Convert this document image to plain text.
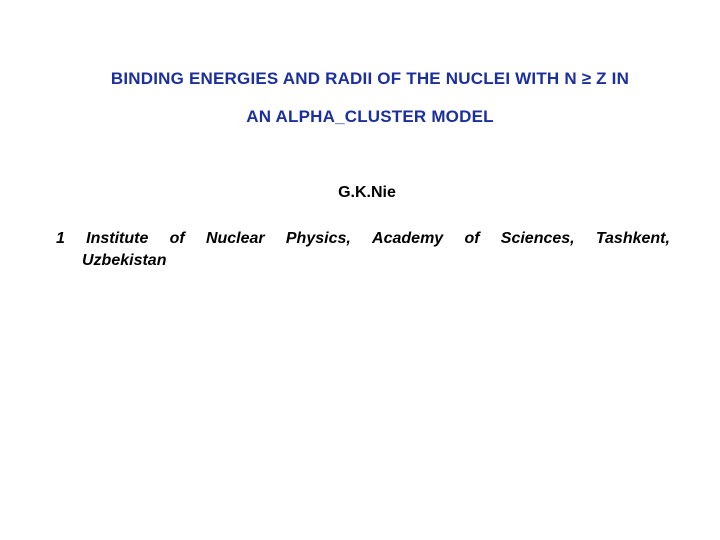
BINDING ENERGIES AND RADII OF THE NUCLEI WITH N ≥ Z IN
AN ALPHA_CLUSTER MODEL
G.K.Nie
1 Institute of Nuclear Physics, Academy of Sciences, Tashkent,
Uzbekistan
